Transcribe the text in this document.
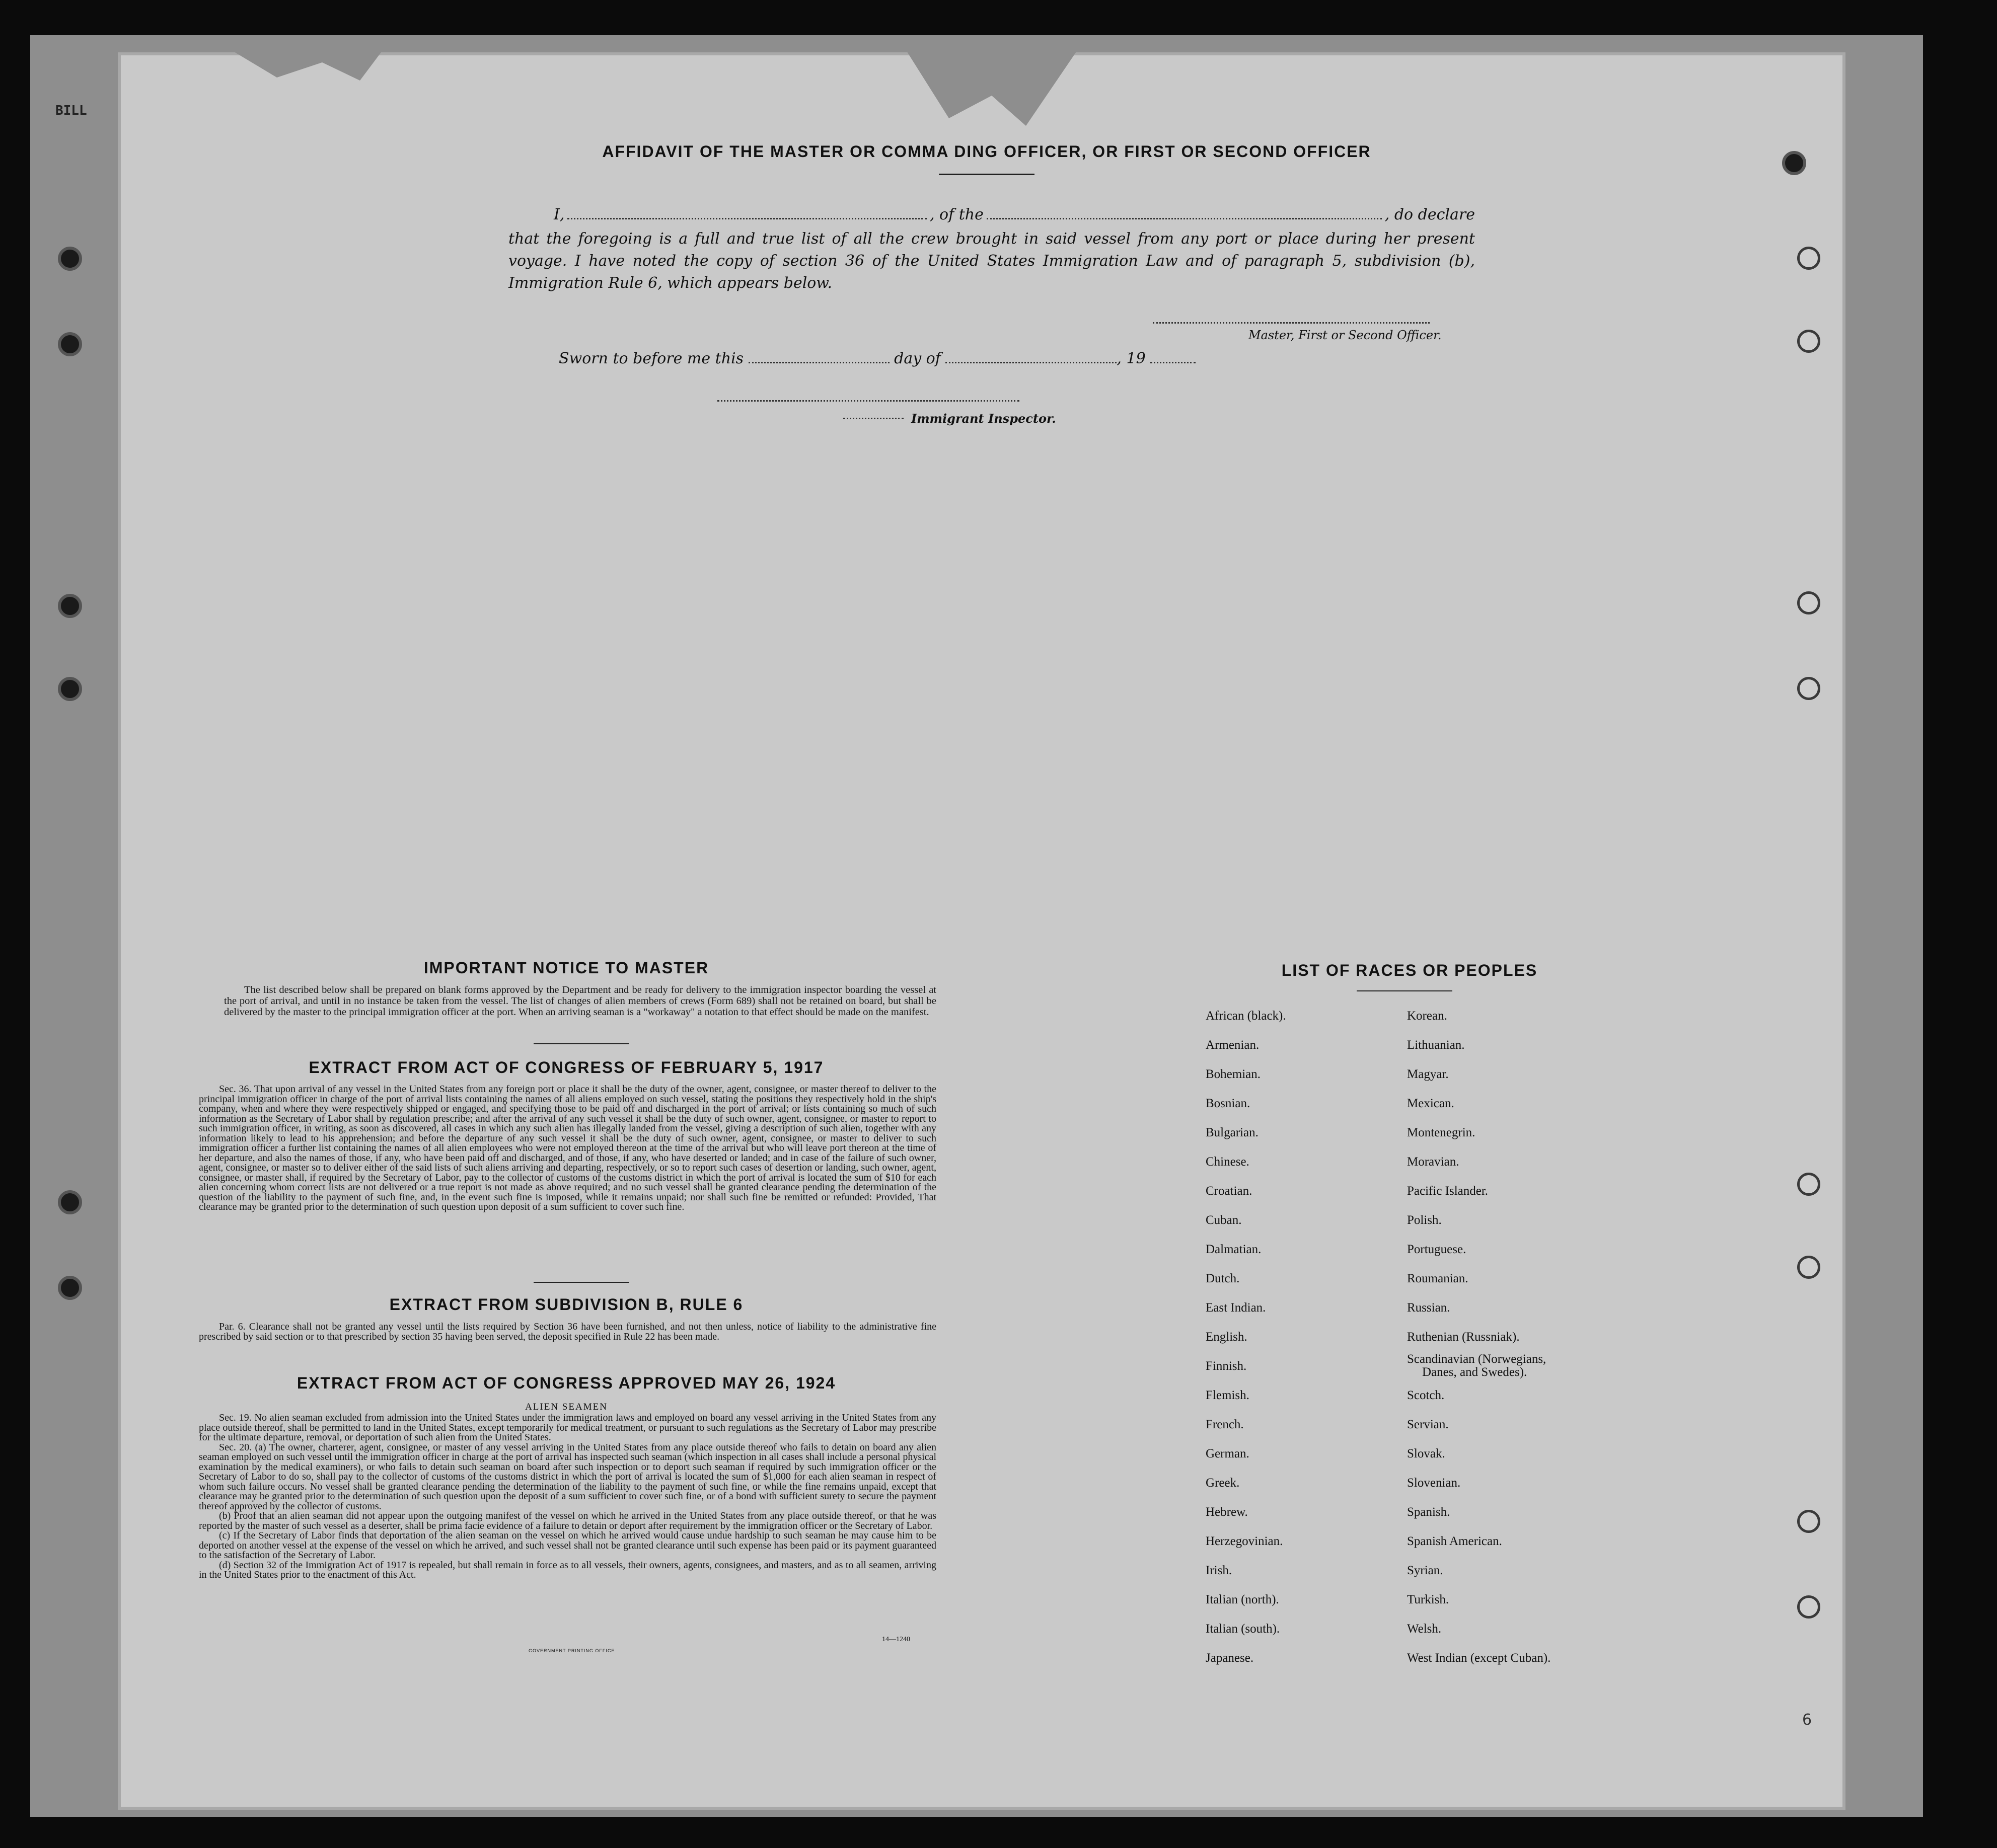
BILL
AFFIDAVIT OF THE MASTER OR COMMA DING OFFICER, OR FIRST OR SECOND OFFICER
I,	, of the	, do declare
that the foregoing is a full and true list of all the crew brought in said vessel from any port or place during her present voyage. I have noted the copy of section 36 of the United States Immigration Law and of paragraph 5, subdivision (b), Immigration Rule 6, which appears below.
Master, First or Second Officer.
Sworn to before me this	day of	, 19
Immigrant Inspector.
IMPORTANT NOTICE TO MASTER

The list described below shall be prepared on blank forms approved by the Department and be ready for delivery to the immigration inspector boarding the vessel at the port of arrival, and until in no instance be taken from the vessel. The list of changes of alien members of crews (Form 689) shall not be retained on board, but shall be delivered by the master to the principal immigration officer at the port. When an arriving seaman is a "workaway" a notation to that effect should be made on the manifest.

EXTRACT FROM ACT OF CONGRESS OF FEBRUARY 5, 1917

Sec. 36. That upon arrival of any vessel in the United States from any foreign port or place it shall be the duty of the owner, agent, consignee, or master thereof to deliver to the principal immigration officer in charge of the port of arrival lists containing the names of all aliens employed on such vessel, stating the positions they respectively hold in the ship's company, when and where they were respectively shipped or engaged, and specifying those to be paid off and discharged in the port of arrival; or lists containing so much of such information as the Secretary of Labor shall by regulation prescribe; and after the arrival of any such vessel it shall be the duty of such owner, agent, consignee, or master to report to such immigration officer, in writing, as soon as discovered, all cases in which any such alien has illegally landed from the vessel, giving a description of such alien, together with any information likely to lead to his apprehension; and before the departure of any such vessel it shall be the duty of such owner, agent, consignee, or master to deliver to such immigration officer a further list containing the names of all alien employees who were not employed thereon at the time of the arrival but who will leave port thereon at the time of her departure, and also the names of those, if any, who have been paid off and discharged, and of those, if any, who have deserted or landed; and in case of the failure of such owner, agent, consignee, or master so to deliver either of the said lists of such aliens arriving and departing, respectively, or so to report such cases of desertion or landing, such owner, agent, consignee, or master shall, if required by the Secretary of Labor, pay to the collector of customs of the customs district in which the port of arrival is located the sum of $10 for each alien concerning whom correct lists are not delivered or a true report is not made as above required; and no such vessel shall be granted clearance pending the determination of the question of the liability to the payment of such fine, and, in the event such fine is imposed, while it remains unpaid; nor shall such fine be remitted or refunded: Provided, That clearance may be granted prior to the determination of such question upon deposit of a sum sufficient to cover such fine.

EXTRACT FROM SUBDIVISION B, RULE 6

Par. 6. Clearance shall not be granted any vessel until the lists required by Section 36 have been furnished, and not then unless, notice of liability to the administrative fine prescribed by said section or to that prescribed by section 35 having been served, the deposit specified in Rule 22 has been made.

EXTRACT FROM ACT OF CONGRESS APPROVED MAY 26, 1924
ALIEN SEAMEN

Sec. 19. No alien seaman excluded from admission into the United States under the immigration laws and employed on board any vessel arriving in the United States from any place outside thereof, shall be permitted to land in the United States, except temporarily for medical treatment, or pursuant to such regulations as the Secretary of Labor may prescribe for the ultimate departure, removal, or deportation of such alien from the United States.

Sec. 20. (a) The owner, charterer, agent, consignee, or master of any vessel arriving in the United States from any place outside thereof who fails to detain on board any alien seaman employed on such vessel until the immigration officer in charge at the port of arrival has inspected such seaman (which inspection in all cases shall include a personal physical examination by the medical examiners), or who fails to detain such seaman on board after such inspection or to deport such seaman if required by such immigration officer or the Secretary of Labor to do so, shall pay to the collector of customs of the customs district in which the port of arrival is located the sum of $1,000 for each alien seaman in respect of whom such failure occurs. No vessel shall be granted clearance pending the determination of the liability to the payment of such fine, or while the fine remains unpaid, except that clearance may be granted prior to the determination of such question upon the deposit of a sum sufficient to cover such fine, or of a bond with sufficient surety to secure the payment thereof approved by the collector of customs.

(b) Proof that an alien seaman did not appear upon the outgoing manifest of the vessel on which he arrived in the United States from any place outside thereof, or that he was reported by the master of such vessel as a deserter, shall be prima facie evidence of a failure to detain or deport after requirement by the immigration officer or the Secretary of Labor.

(c) If the Secretary of Labor finds that deportation of the alien seaman on the vessel on which he arrived would cause undue hardship to such seaman he may cause him to be deported on another vessel at the expense of the vessel on which he arrived, and such vessel shall not be granted clearance until such expense has been paid or its payment guaranteed to the satisfaction of the Secretary of Labor.

(d) Section 32 of the Immigration Act of 1917 is repealed, but shall remain in force as to all vessels, their owners, agents, consignees, and masters, and as to all seamen, arriving in the United States prior to the enactment of this Act.

14—1240
GOVERNMENT PRINTING OFFICE
LIST OF RACES OR PEOPLES
African (black).
Armenian.
Bohemian.
Bosnian.
Bulgarian.
Chinese.
Croatian.
Cuban.
Dalmatian.
Dutch.
East Indian.
English.
Finnish.
Flemish.
French.
German.
Greek.
Hebrew.
Herzegovinian.
Irish.
Italian (north).
Italian (south).
Japanese.
Korean.
Lithuanian.
Magyar.
Mexican.
Montenegrin.
Moravian.
Pacific Islander.
Polish.
Portuguese.
Roumanian.
Russian.
Ruthenian (Russniak).
Scandinavian (Norwegians,
Danes, and Swedes).
Scotch.
Servian.
Slovak.
Slovenian.
Spanish.
Spanish American.
Syrian.
Turkish.
Welsh.
West Indian (except Cuban).
6
